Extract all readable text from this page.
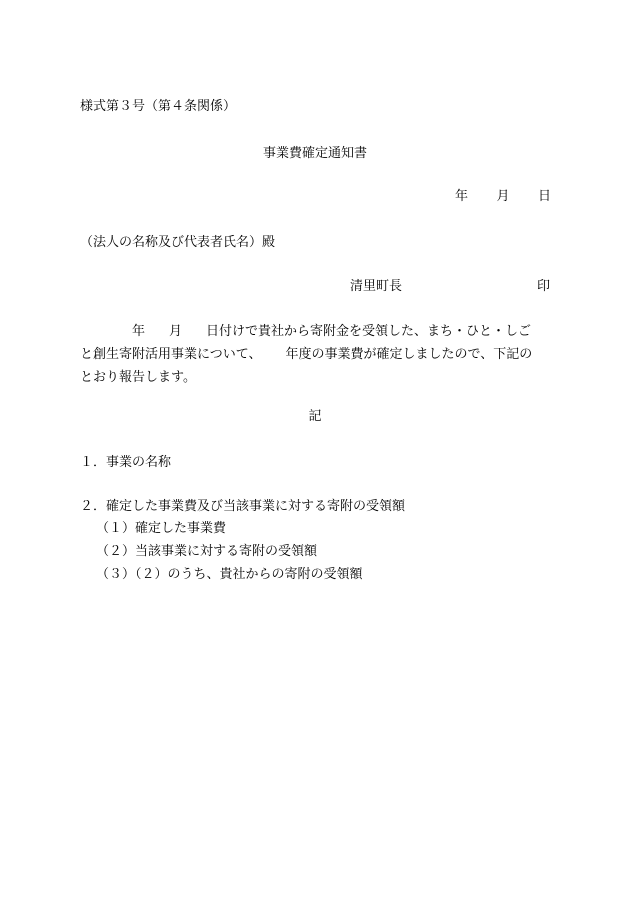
様式第３号（第４条関係）
事業費確定通知書
年 月 日
（法人の名称及び代表者氏名）殿
清里町長	印
年 月 日付けで貴社から寄附金を受領した、まち・ひと・しご
と創生寄附活用事業について、 年度の事業費が確定しましたので、下記の
とおり報告します。
記
１．事業の名称
２．確定した事業費及び当該事業に対する寄附の受領額
（１）確定した事業費
（２）当該事業に対する寄附の受領額
（３）（２）のうち、貴社からの寄附の受領額
